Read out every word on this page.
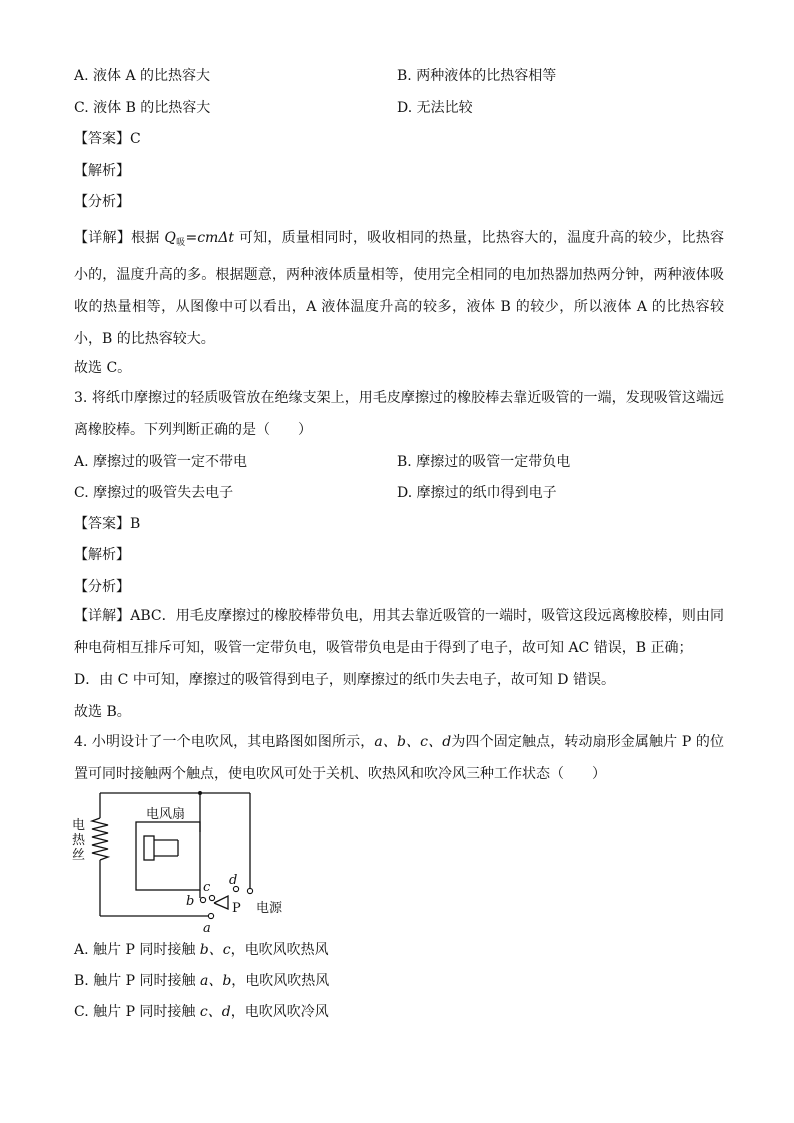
A. 液体 A 的比热容大	B. 两种液体的比热容相等
C. 液体 B 的比热容大	D. 无法比较
【答案】C
【解析】
【分析】
【详解】根据 $Q_吸=cm\Delta t$ 可知，质量相同时，吸收相同的热量，比热容大的，温度升高的较少，比热容小的，温度升高的多。根据题意，两种液体质量相等，使用完全相同的电加热器加热两分钟，两种液体吸收的热量相等，从图像中可以看出，A 液体温度升高的较多，液体 B 的较少，所以液体 A 的比热容较小，B 的比热容较大。
故选 C。
3. 将纸巾摩擦过的轻质吸管放在绝缘支架上，用毛皮摩擦过的橡胶棒去靠近吸管的一端，发现吸管这端远离橡胶棒。下列判断正确的是（　　）
A. 摩擦过的吸管一定不带电	B. 摩擦过的吸管一定带负电
C. 摩擦过的吸管失去电子	D. 摩擦过的纸巾得到电子
【答案】B
【解析】
【分析】
【详解】ABC．用毛皮摩擦过的橡胶棒带负电，用其去靠近吸管的一端时，吸管这段远离橡胶棒，则由同种电荷相互排斥可知，吸管一定带负电，吸管带负电是由于得到了电子，故可知 AC 错误，B 正确；
D．由 C 中可知，摩擦过的吸管得到电子，则摩擦过的纸巾失去电子，故可知 D 错误。
故选 B。
4. 小明设计了一个电吹风，其电路图如图所示，a、b、c、d为四个固定触点，转动扇形金属触片 P 的位置可同时接触两个触点，使电吹风可处于关机、吹热风和吹冷风三种工作状态（　　）
电风扇
P 电源
b
c d
a
电热丝
A. 触片 P 同时接触 b、c，电吹风吹热风
B. 触片 P 同时接触 a、b，电吹风吹热风
C. 触片 P 同时接触 c、d，电吹风吹冷风
